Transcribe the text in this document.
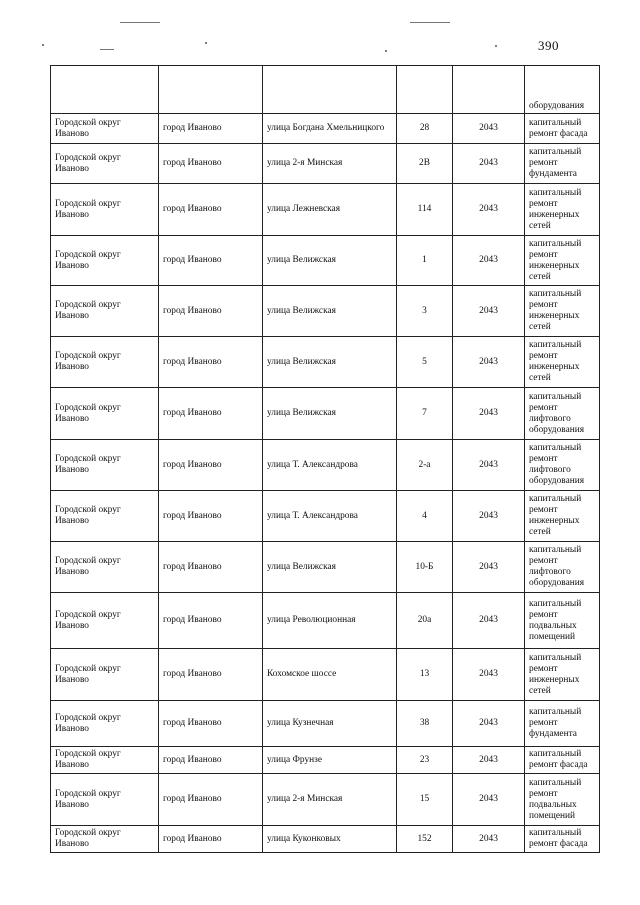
390
					оборудования
Городской округ Иваново	город Иваново	улица Богдана Хмельницкого	28	2043	капитальный ремонт фасада
Городской округ Иваново	город Иваново	улица 2-я Минская	2В	2043	капитальный ремонт фундамента
Городской округ Иваново	город Иваново	улица Лежневская	114	2043	капитальный ремонт инженерных сетей
Городской округ Иваново	город Иваново	улица Велижская	1	2043	капитальный ремонт инженерных сетей
Городской округ Иваново	город Иваново	улица Велижская	3	2043	капитальный ремонт инженерных сетей
Городской округ Иваново	город Иваново	улица Велижская	5	2043	капитальный ремонт инженерных сетей
Городской округ Иваново	город Иваново	улица Велижская	7	2043	капитальный ремонт лифтового оборудования
Городской округ Иваново	город Иваново	улица Т. Александрова	2-а	2043	капитальный ремонт лифтового оборудования
Городской округ Иваново	город Иваново	улица Т. Александрова	4	2043	капитальный ремонт инженерных сетей
Городской округ Иваново	город Иваново	улица Велижская	10-Б	2043	капитальный ремонт лифтового оборудования
Городской округ Иваново	город Иваново	улица Революционная	20а	2043	капитальный ремонт подвальных помещений
Городской округ Иваново	город Иваново	Кохомское шоссе	13	2043	капитальный ремонт инженерных сетей
Городской округ Иваново	город Иваново	улица Кузнечная	38	2043	капитальный ремонт фундамента
Городской округ Иваново	город Иваново	улица Фрунзе	23	2043	капитальный ремонт фасада
Городской округ Иваново	город Иваново	улица 2-я Минская	15	2043	капитальный ремонт подвальных помещений
Городской округ Иваново	город Иваново	улица Куконковых	152	2043	капитальный ремонт фасада
